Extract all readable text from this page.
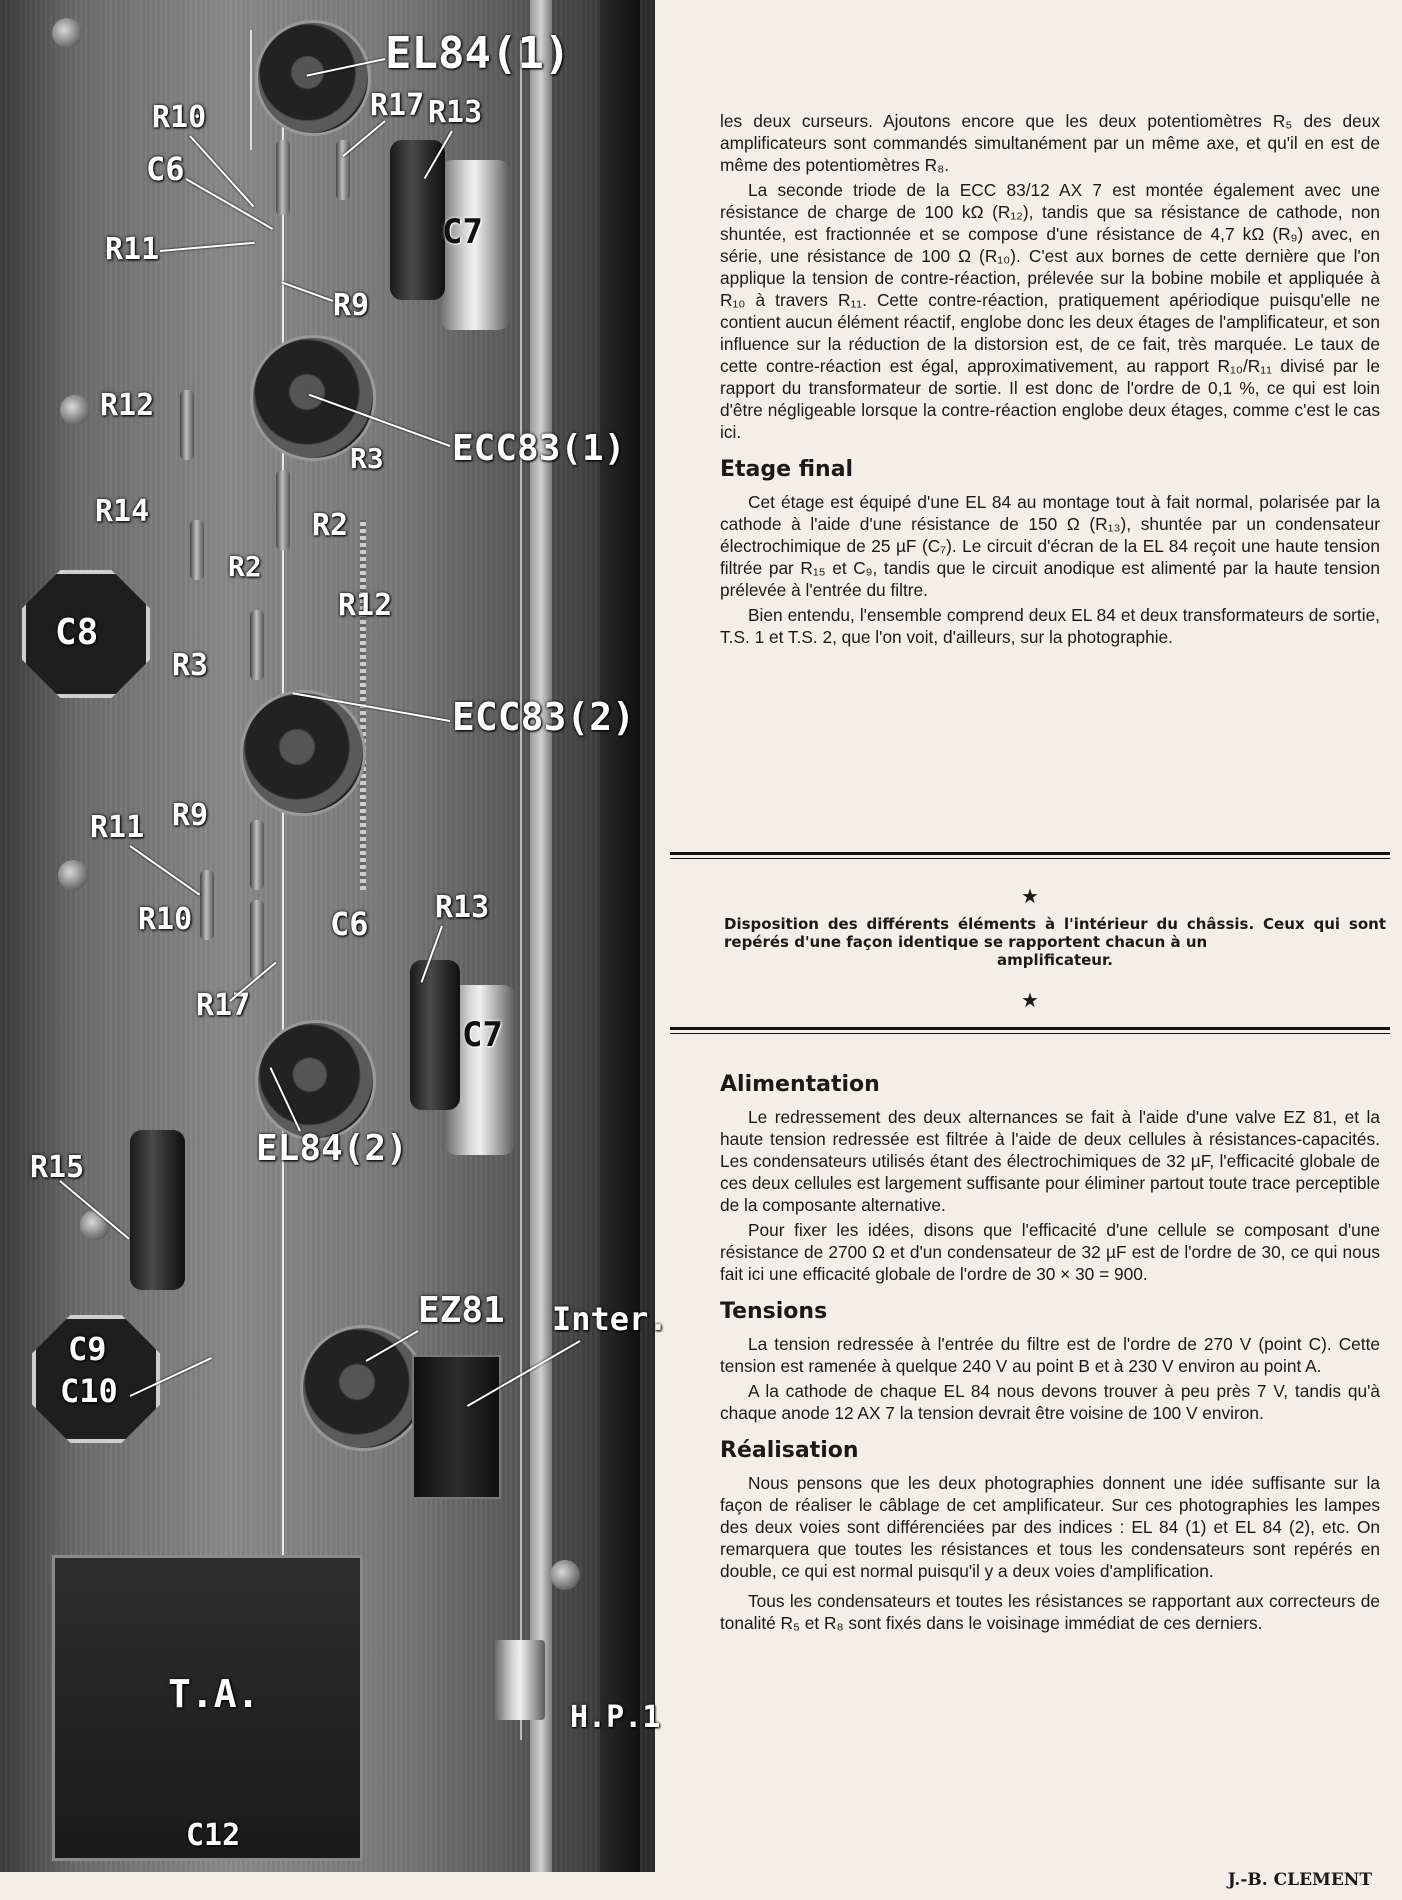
EL84(1)
R10	R17 R13
C6
R11	C7
R9
R12
ECC83(1)
R3
R14	R2
R2
C8
R12
R3
ECC83(2)
R9
R11
R13
R10	C6
C7
R17
EL84(2)
R15
EZ81 Inter.
C9
C10
T.A.
H.P.1
C12

les deux curseurs. Ajoutons encore que les deux potentiomètres R₅ des deux amplificateurs sont commandés simultanément par un même axe, et qu'il en est de même des potentiomètres R₈.

La seconde triode de la ECC 83/12 AX 7 est montée également avec une résistance de charge de 100 kΩ (R₁₂), tandis que sa résistance de cathode, non shuntée, est fractionnée et se compose d'une résistance de 4,7 kΩ (R₉) avec, en série, une résistance de 100 Ω (R₁₀). C'est aux bornes de cette dernière que l'on applique la tension de contre-réaction, prélevée sur la bobine mobile et appliquée à R₁₀ à travers R₁₁. Cette contre-réaction, pratiquement apériodique puisqu'elle ne contient aucun élément réactif, englobe donc les deux étages de l'amplificateur, et son influence sur la réduction de la distorsion est, de ce fait, très marquée. Le taux de cette contre-réaction est égal, approximativement, au rapport R₁₀/R₁₁ divisé par le rapport du transformateur de sortie. Il est donc de l'ordre de 0,1 %, ce qui est loin d'être négligeable lorsque la contre-réaction englobe deux étages, comme c'est le cas ici.

Etage final

Cet étage est équipé d'une EL 84 au montage tout à fait normal, polarisée par la cathode à l'aide d'une résistance de 150 Ω (R₁₃), shuntée par un condensateur électrochimique de 25 µF (C₇). Le circuit d'écran de la EL 84 reçoit une haute tension filtrée par R₁₅ et C₉, tandis que le circuit anodique est alimenté par la haute tension prélevée à l'entrée du filtre.

Bien entendu, l'ensemble comprend deux EL 84 et deux transformateurs de sortie, T.S. 1 et T.S. 2, que l'on voit, d'ailleurs, sur la photographie.

★
Disposition des différents éléments à l'intérieur du châssis. Ceux qui sont repérés d'une façon identique se rapportent chacun à un
amplificateur.
★
Alimentation

Le redressement des deux alternances se fait à l'aide d'une valve EZ 81, et la haute tension redressée est filtrée à l'aide de deux cellules à résistances-capacités. Les condensateurs utilisés étant des électrochimiques de 32 µF, l'efficacité globale de ces deux cellules est largement suffisante pour éliminer partout toute trace perceptible de la composante alternative.

Pour fixer les idées, disons que l'efficacité d'une cellule se composant d'une résistance de 2700 Ω et d'un condensateur de 32 µF est de l'ordre de 30, ce qui nous fait ici une efficacité globale de l'ordre de 30 × 30 = 900.

Tensions

La tension redressée à l'entrée du filtre est de l'ordre de 270 V (point C). Cette tension est ramenée à quelque 240 V au point B et à 230 V environ au point A.

A la cathode de chaque EL 84 nous devons trouver à peu près 7 V, tandis qu'à chaque anode 12 AX 7 la tension devrait être voisine de 100 V environ.

Réalisation

Nous pensons que les deux photographies donnent une idée suffisante sur la façon de réaliser le câblage de cet amplificateur. Sur ces photographies les lampes des deux voies sont différenciées par des indices : EL 84 (1) et EL 84 (2), etc. On remarquera que toutes les résistances et tous les condensateurs sont repérés en double, ce qui est normal puisqu'il y a deux voies d'amplification.

Tous les condensateurs et toutes les résistances se rapportant aux correcteurs de tonalité R₅ et R₈ sont fixés dans le voisinage immédiat de ces derniers.

J.-B. CLEMENT
